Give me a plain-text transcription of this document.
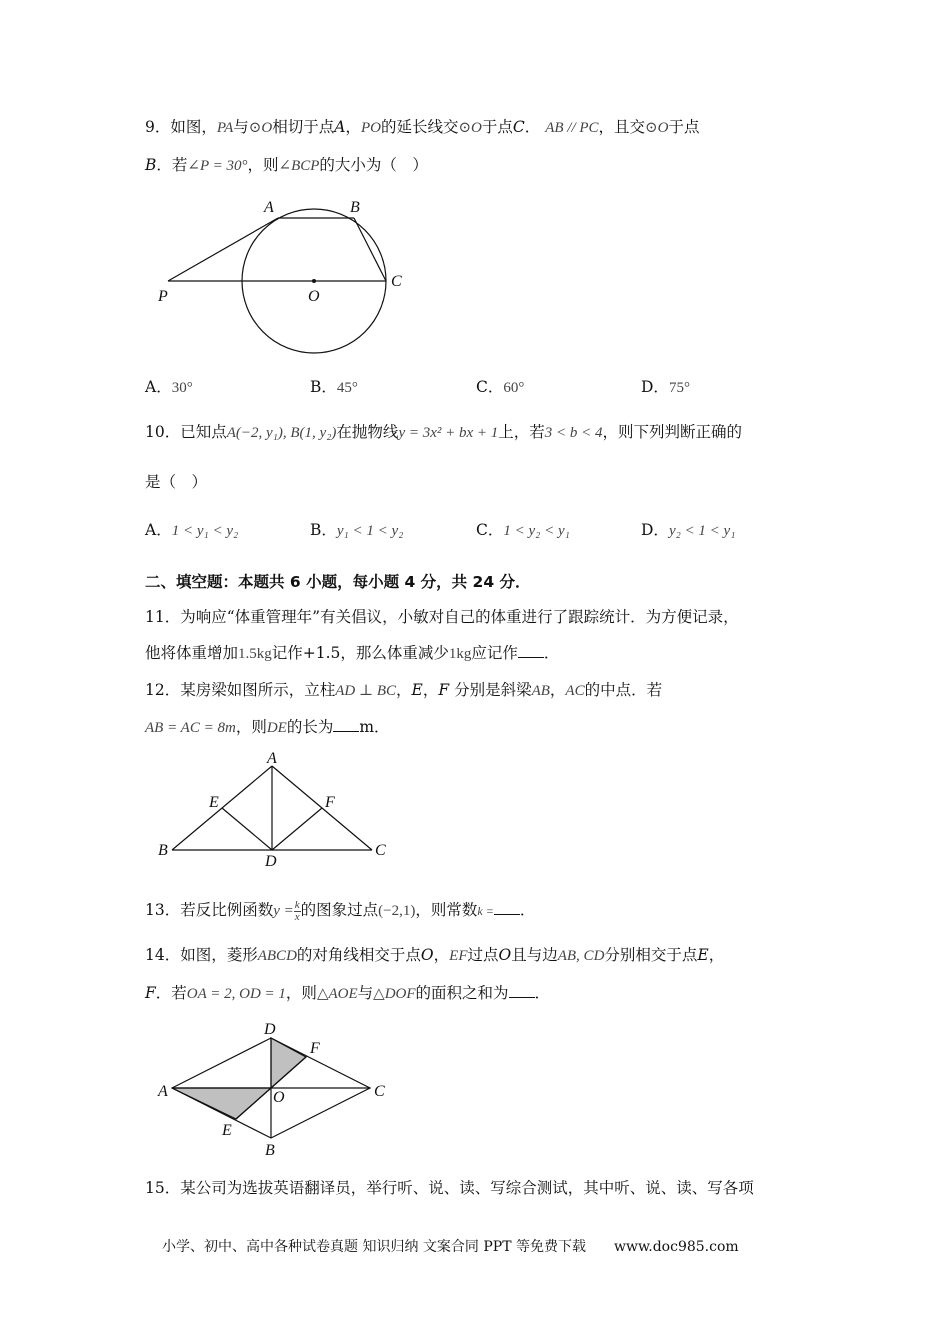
9．如图，PA与⊙O相切于点A，PO的延长线交⊙O于点C． AB // PC，且交⊙O于点
B．若∠P = 30°，则∠BCP的大小为（　）
A	B
C
O
P
A．30°	B．45°	C．60°	D．75°
10．已知点A(−2, y₁), B(1, y₂)在抛物线y = 3x² + bx + 1上，若3 < b < 4，则下列判断正确的
是（　）
A．1 < y₁ < y₂	B．y₁ < 1 < y₂	C．1 < y₂ < y₁	D．y₂ < 1 < y₁
二、填空题：本题共 6 小题，每小题 4 分，共 24 分．
11．为响应“体重管理年”有关倡议，小敏对自己的体重进行了跟踪统计．为方便记录，
他将体重增加1.5kg记作+1.5，那么体重减少1kg应记作 ．
12．某房梁如图所示，立柱AD ⊥ BC，E，F 分别是斜梁AB，AC的中点．若
AB = AC = 8m，则DE的长为 m．
A
B	C
D
E	F
13．若反比例函数$y = \frac{k}{x}$ 的图象过点(−2,1)，则常数k = ．
14．如图，菱形ABCD的对角线相交于点O，EF过点O且与边AB, CD分别相交于点E，
F．若OA = 2, OD = 1，则△AOE与△DOF的面积之和为 ．
A
B
C
D
E
F
O
15．某公司为选拔英语翻译员，举行听、说、读、写综合测试，其中听、说、读、写各项
小学、初中、高中各种试卷真题 知识归纳 文案合同 PPT 等免费下载　　www.doc985.com
